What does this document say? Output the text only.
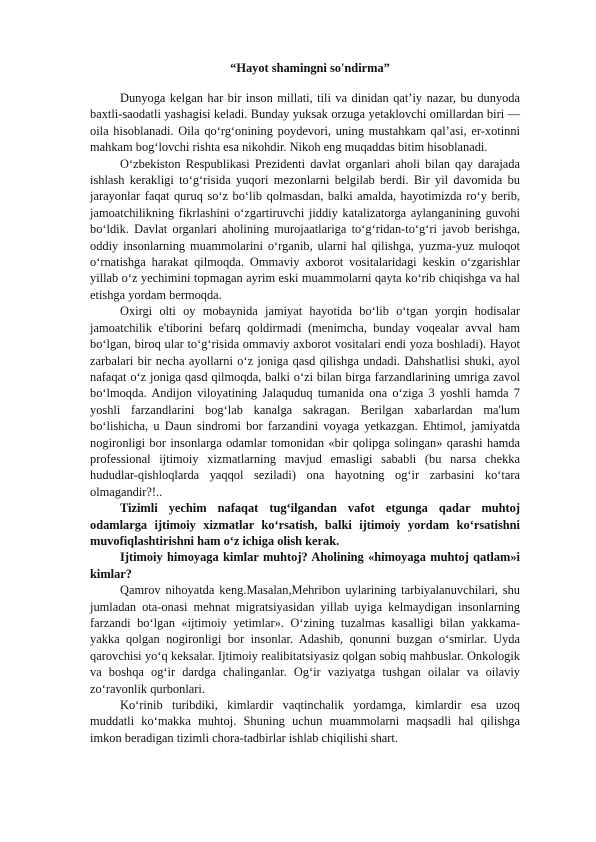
“Hayot shamingni so'ndirma”

Dunyoga kelgan har bir inson millati, tili va dinidan qat’iy nazar, bu dunyoda baxtli-saodatli yashagisi keladi. Bunday yuksak orzuga yetaklovchi omillardan biri — oila hisoblanadi. Oila qo‘rg‘onining poydevori, uning mustahkam qal’asi, er-xotinni mahkam bog‘lovchi rishta esa nikohdir. Nikoh eng muqaddas bitim hisoblanadi.

O‘zbekiston Respublikasi Prezidenti davlat organlari aholi bilan qay darajada ishlash kerakligi to‘g‘risida yuqori mezonlarni belgilab berdi. Bir yil davomida bu jarayonlar faqat quruq so‘z bo‘lib qolmasdan, balki amalda, hayotimizda ro‘y berib, jamoatchilikning fikrlashini o‘zgartiruvchi jiddiy katalizatorga aylanganining guvohi bo‘ldik. Davlat organlari aholining murojaatlariga to‘g‘ridan-to‘g‘ri javob berishga, oddiy insonlarning muammolarini o‘rganib, ularni hal qilishga, yuzma-yuz muloqot o‘rnatishga harakat qilmoqda. Ommaviy axborot vositalaridagi keskin o‘zgarishlar yillab o‘z yechimini topmagan ayrim eski muammolarni qayta ko‘rib chiqishga va hal etishga yordam bermoqda.

Oxirgi olti oy mobaynida jamiyat hayotida bo‘lib o‘tgan yorqin hodisalar jamoatchilik e'tiborini befarq qoldirmadi (menimcha, bunday voqealar avval ham bo‘lgan, biroq ular to‘g‘risida ommaviy axborot vositalari endi yoza boshladi). Hayot zarbalari bir necha ayollarni o‘z joniga qasd qilishga undadi. Dahshatlisi shuki, ayol nafaqat o‘z joniga qasd qilmoqda, balki o‘zi bilan birga farzandlarining umriga zavol bo‘lmoqda. Andijon viloyatining Jalaquduq tumanida ona o‘ziga 3 yoshli hamda 7 yoshli farzandlarini bog‘lab kanalga sakragan. Berilgan xabarlardan ma'lum bo‘lishicha, u Daun sindromi bor farzandini voyaga yetkazgan. Ehtimol, jamiyatda nogironligi bor insonlarga odamlar tomonidan «bir qolipga solingan» qarashi hamda professional ijtimoiy xizmatlarning mavjud emasligi sababli (bu narsa chekka hududlar-qishloqlarda yaqqol seziladi) ona hayotning og‘ir zarbasini ko‘tara olmagandir?!..

Tizimli yechim nafaqat tug‘ilgandan vafot etgunga qadar muhtoj odamlarga ijtimoiy xizmatlar ko‘rsatish, balki ijtimoiy yordam ko‘rsatishni muvofiqlashtirishni ham o‘z ichiga olish kerak.

Ijtimoiy himoyaga kimlar muhtoj? Aholining «himoyaga muhtoj qatlam»i kimlar?

Qamrov nihoyatda keng.Masalan,Mehribon uylarining tarbiyalanuvchilari, shu jumladan ota-onasi mehnat migratsiyasidan yillab uyiga kelmaydigan insonlarning farzandi bo‘lgan «ijtimoiy yetimlar». O‘zining tuzalmas kasalligi bilan yakkama-yakka qolgan nogironligi bor insonlar. Adashib, qonunni buzgan o‘smirlar. Uyda qarovchisi yo‘q keksalar. Ijtimoiy realibitatsiyasiz qolgan sobiq mahbuslar. Onkologik va boshqa og‘ir dardga chalinganlar. Og‘ir vaziyatga tushgan oilalar va oilaviy zo‘ravonlik qurbonlari.

Ko‘rinib turibdiki, kimlardir vaqtinchalik yordamga, kimlardir esa uzoq muddatli ko‘makka muhtoj. Shuning uchun muammolarni maqsadli hal qilishga imkon beradigan tizimli chora-tadbirlar ishlab chiqilishi shart.
